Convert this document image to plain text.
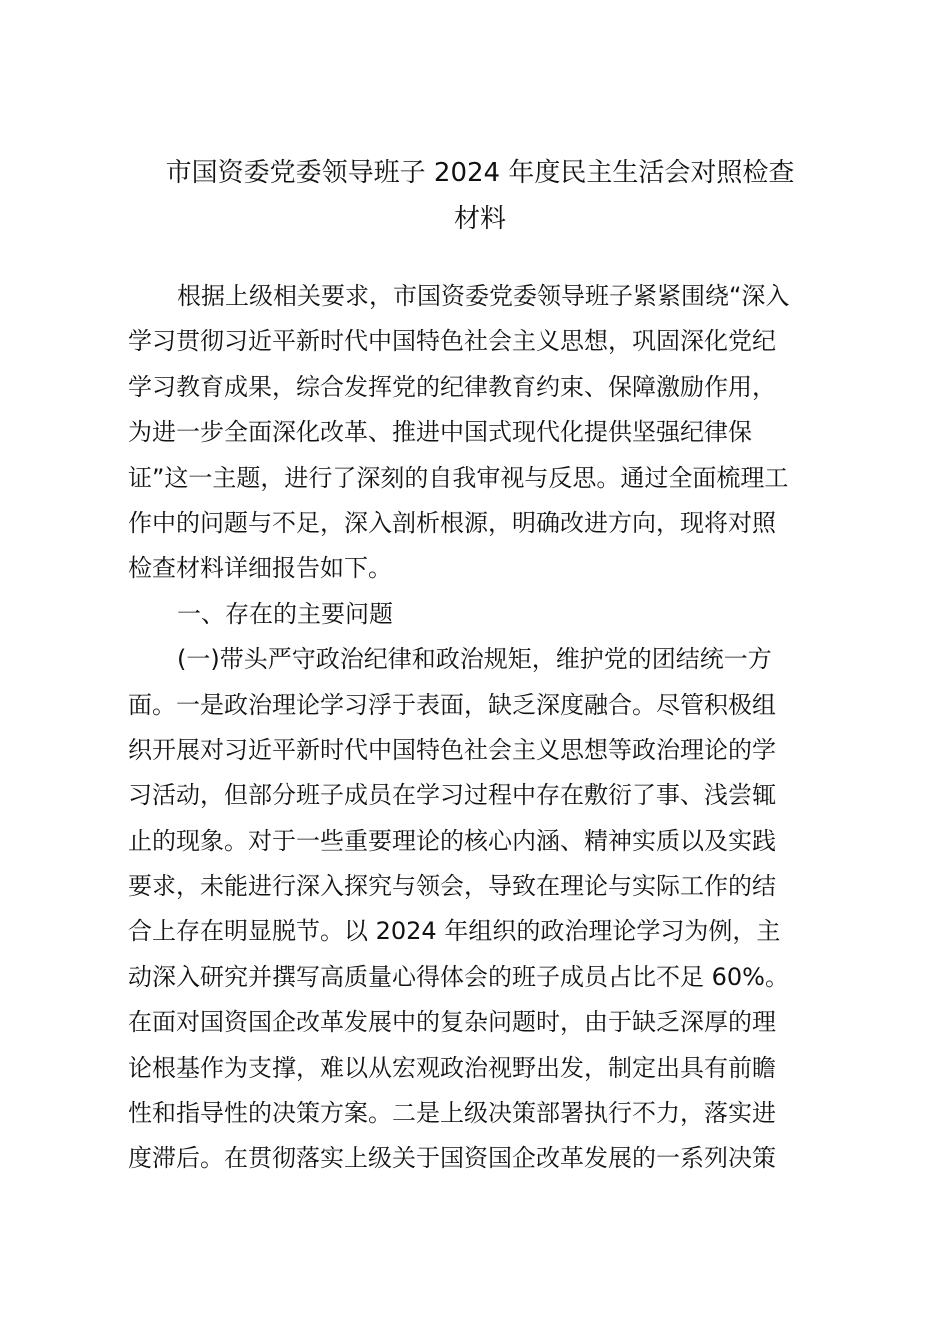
市国资委党委领导班子 2024 年度民主生活会对照检查
材料
根据上级相关要求，市国资委党委领导班子紧紧围绕“深入
学习贯彻习近平新时代中国特色社会主义思想，巩固深化党纪
学习教育成果，综合发挥党的纪律教育约束、保障激励作用，
为进一步全面深化改革、推进中国式现代化提供坚强纪律保
证”这一主题，进行了深刻的自我审视与反思。通过全面梳理工
作中的问题与不足，深入剖析根源，明确改进方向，现将对照
检查材料详细报告如下。
一、存在的主要问题
(一)带头严守政治纪律和政治规矩，维护党的团结统一方
面。一是政治理论学习浮于表面，缺乏深度融合。尽管积极组
织开展对习近平新时代中国特色社会主义思想等政治理论的学
习活动，但部分班子成员在学习过程中存在敷衍了事、浅尝辄
止的现象。对于一些重要理论的核心内涵、精神实质以及实践
要求，未能进行深入探究与领会，导致在理论与实际工作的结
合上存在明显脱节。以 2024 年组织的政治理论学习为例，主
动深入研究并撰写高质量心得体会的班子成员占比不足 60%。
在面对国资国企改革发展中的复杂问题时，由于缺乏深厚的理
论根基作为支撑，难以从宏观政治视野出发，制定出具有前瞻
性和指导性的决策方案。二是上级决策部署执行不力，落实进
度滞后。在贯彻落实上级关于国资国企改革发展的一系列决策
